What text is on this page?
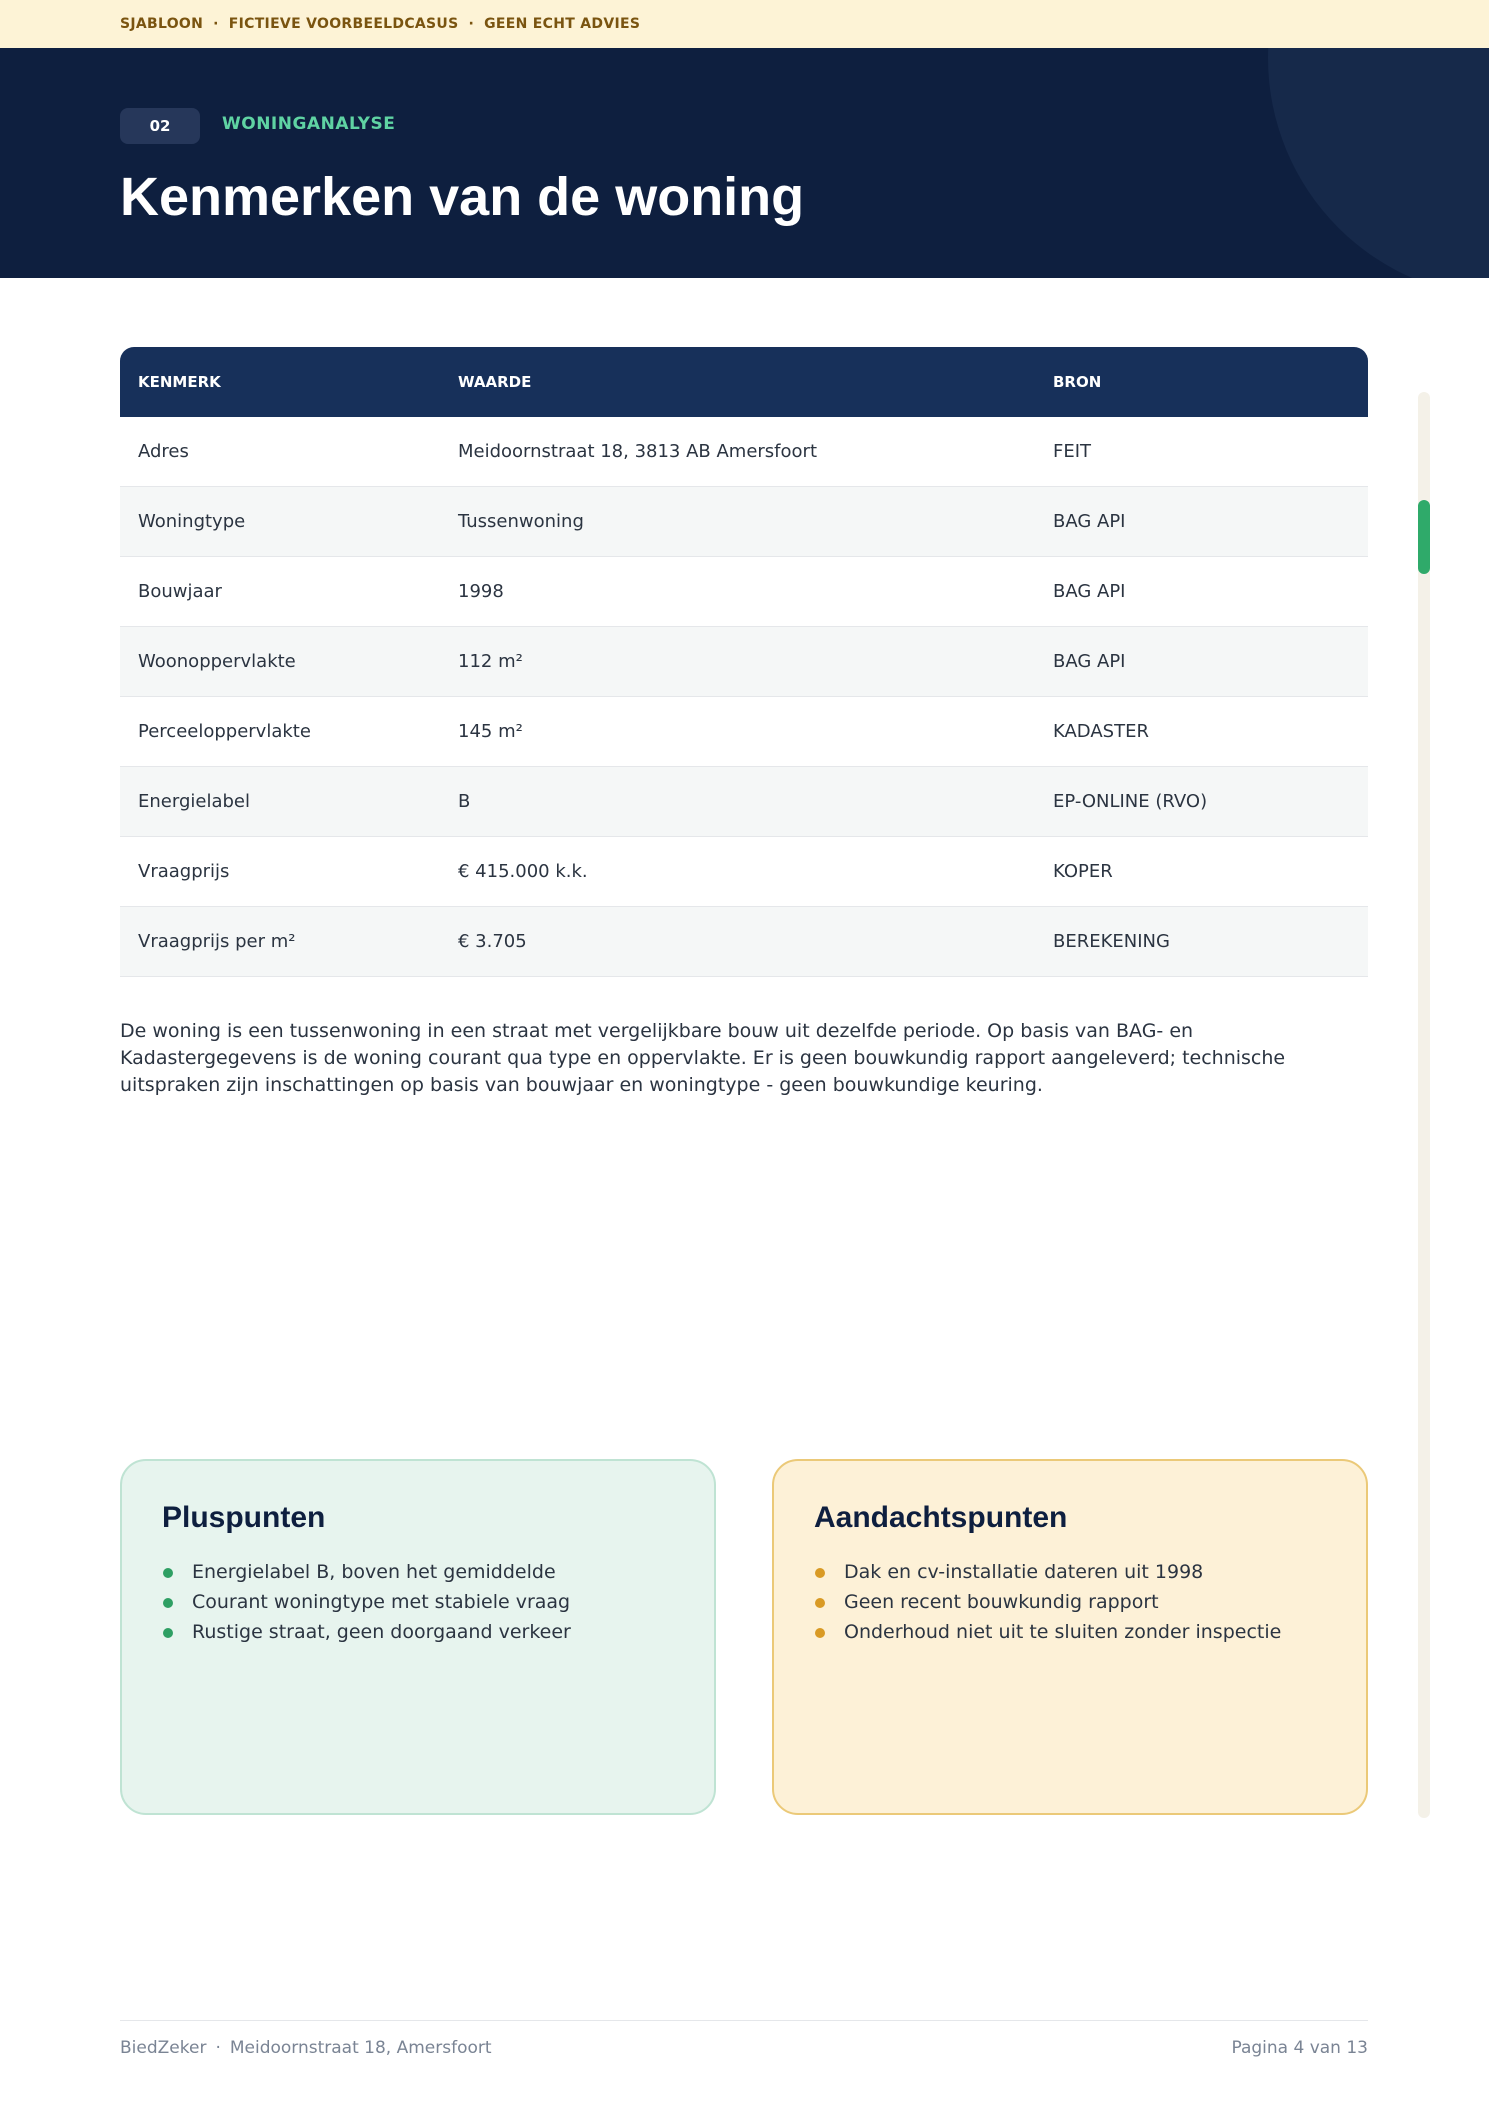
SJABLOON · FICTIEVE VOORBEELDCASUS · GEEN ECHT ADVIES
02	WONINGANALYSE
Kenmerken van de woning
KENMERK	WAARDE	BRON
Adres	Meidoornstraat 18, 3813 AB Amersfoort	FEIT
Woningtype	Tussenwoning	BAG API
Bouwjaar	1998	BAG API
Woonoppervlakte	112 m²	BAG API
Perceeloppervlakte	145 m²	KADASTER
Energielabel	B	EP-ONLINE (RVO)
Vraagprijs	€ 415.000 k.k.	KOPER
Vraagprijs per m²	€ 3.705	BEREKENING

De woning is een tussenwoning in een straat met vergelijkbare bouw uit dezelfde periode. Op basis van BAG- en Kadastergegevens is de woning courant qua type en oppervlakte. Er is geen bouwkundig rapport aangeleverd; technische uitspraken zijn inschattingen op basis van bouwjaar en woningtype - geen bouwkundige keuring.

Pluspunten
Energielabel B, boven het gemiddelde
Courant woningtype met stabiele vraag
Rustige straat, geen doorgaand verkeer
Aandachtspunten
Dak en cv-installatie dateren uit 1998
Geen recent bouwkundig rapport
Onderhoud niet uit te sluiten zonder inspectie
BiedZeker · Meidoornstraat 18, Amersfoort	Pagina 4 van 13
